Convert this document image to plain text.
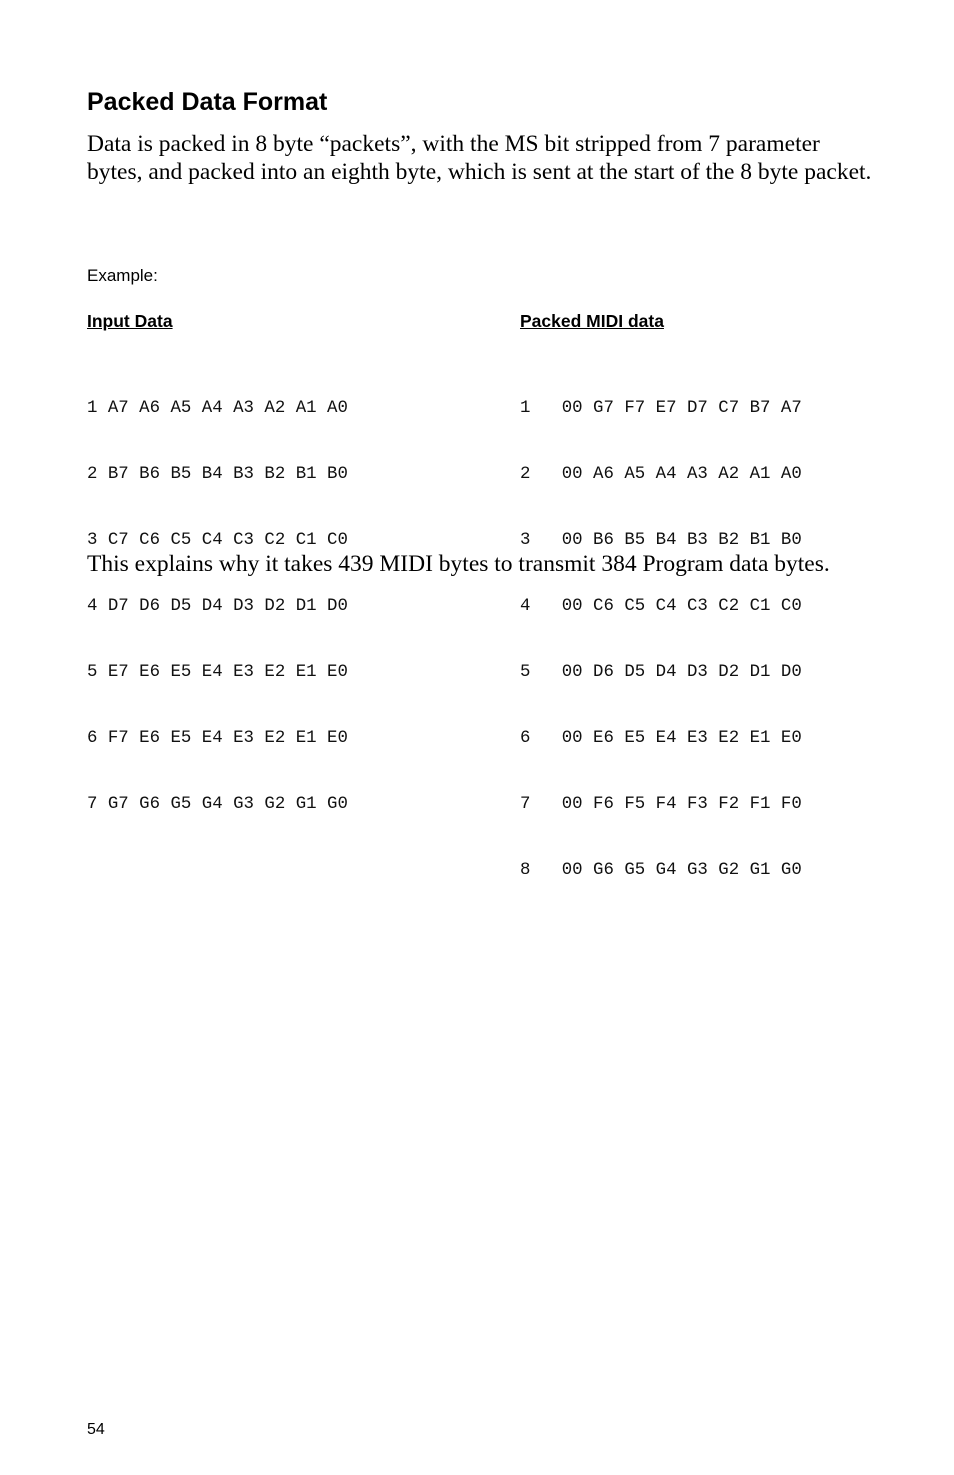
Packed Data Format

Data is packed in 8 byte “packets”, with the MS bit stripped from 7 parameter bytes, and packed into an eighth byte, which is sent at the start of the 8 byte packet.

Example:

Input Data	Packed MIDI data

1 A7 A6 A5 A4 A3 A2 A1 A0

2 B7 B6 B5 B4 B3 B2 B1 B0

3 C7 C6 C5 C4 C3 C2 C1 C0

4 D7 D6 D5 D4 D3 D2 D1 D0

5 E7 E6 E5 E4 E3 E2 E1 E0

6 F7 E6 E5 E4 E3 E2 E1 E0

7 G7 G6 G5 G4 G3 G2 G1 G0

1   00 G7 F7 E7 D7 C7 B7 A7

2   00 A6 A5 A4 A3 A2 A1 A0

3   00 B6 B5 B4 B3 B2 B1 B0

4   00 C6 C5 C4 C3 C2 C1 C0

5   00 D6 D5 D4 D3 D2 D1 D0

6   00 E6 E5 E4 E3 E2 E1 E0

7   00 F6 F5 F4 F3 F2 F1 F0

8   00 G6 G5 G4 G3 G2 G1 G0

This explains why it takes 439 MIDI bytes to transmit 384 Program data bytes.

54
